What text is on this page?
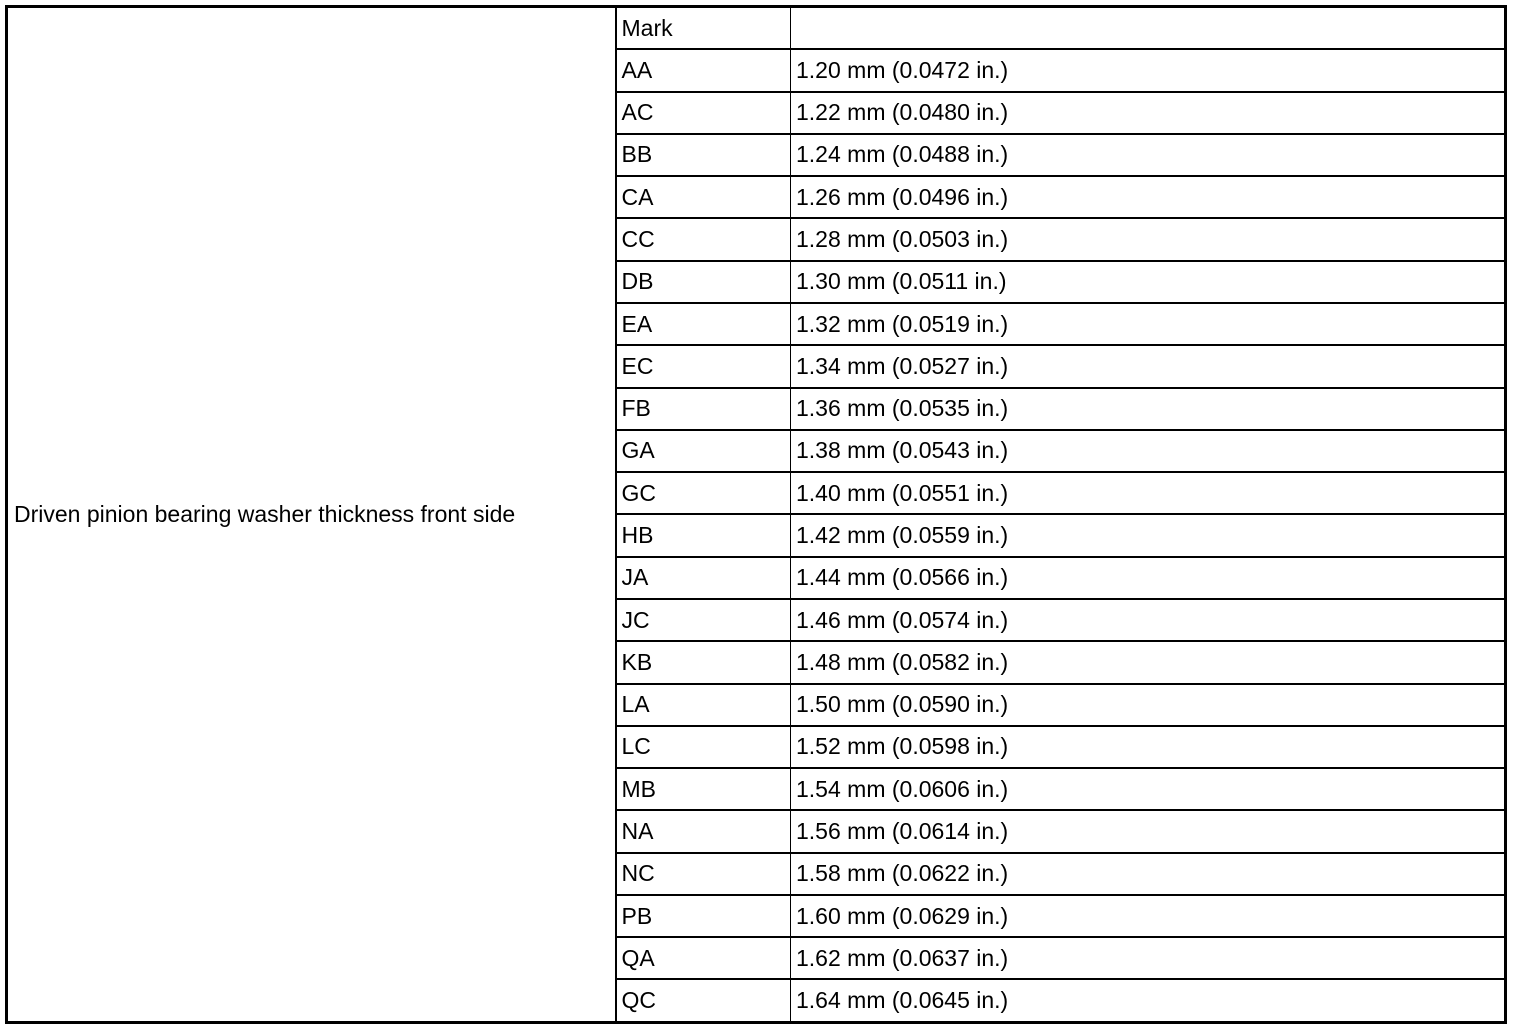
Driven pinion bearing washer thickness front side	Mark	
	AA	1.20 mm (0.0472 in.)
	AC	1.22 mm (0.0480 in.)
	BB	1.24 mm (0.0488 in.)
	CA	1.26 mm (0.0496 in.)
	CC	1.28 mm (0.0503 in.)
	DB	1.30 mm (0.0511 in.)
	EA	1.32 mm (0.0519 in.)
	EC	1.34 mm (0.0527 in.)
	FB	1.36 mm (0.0535 in.)
	GA	1.38 mm (0.0543 in.)
	GC	1.40 mm (0.0551 in.)
	HB	1.42 mm (0.0559 in.)
	JA	1.44 mm (0.0566 in.)
	JC	1.46 mm (0.0574 in.)
	KB	1.48 mm (0.0582 in.)
	LA	1.50 mm (0.0590 in.)
	LC	1.52 mm (0.0598 in.)
	MB	1.54 mm (0.0606 in.)
	NA	1.56 mm (0.0614 in.)
	NC	1.58 mm (0.0622 in.)
	PB	1.60 mm (0.0629 in.)
	QA	1.62 mm (0.0637 in.)
	QC	1.64 mm (0.0645 in.)
